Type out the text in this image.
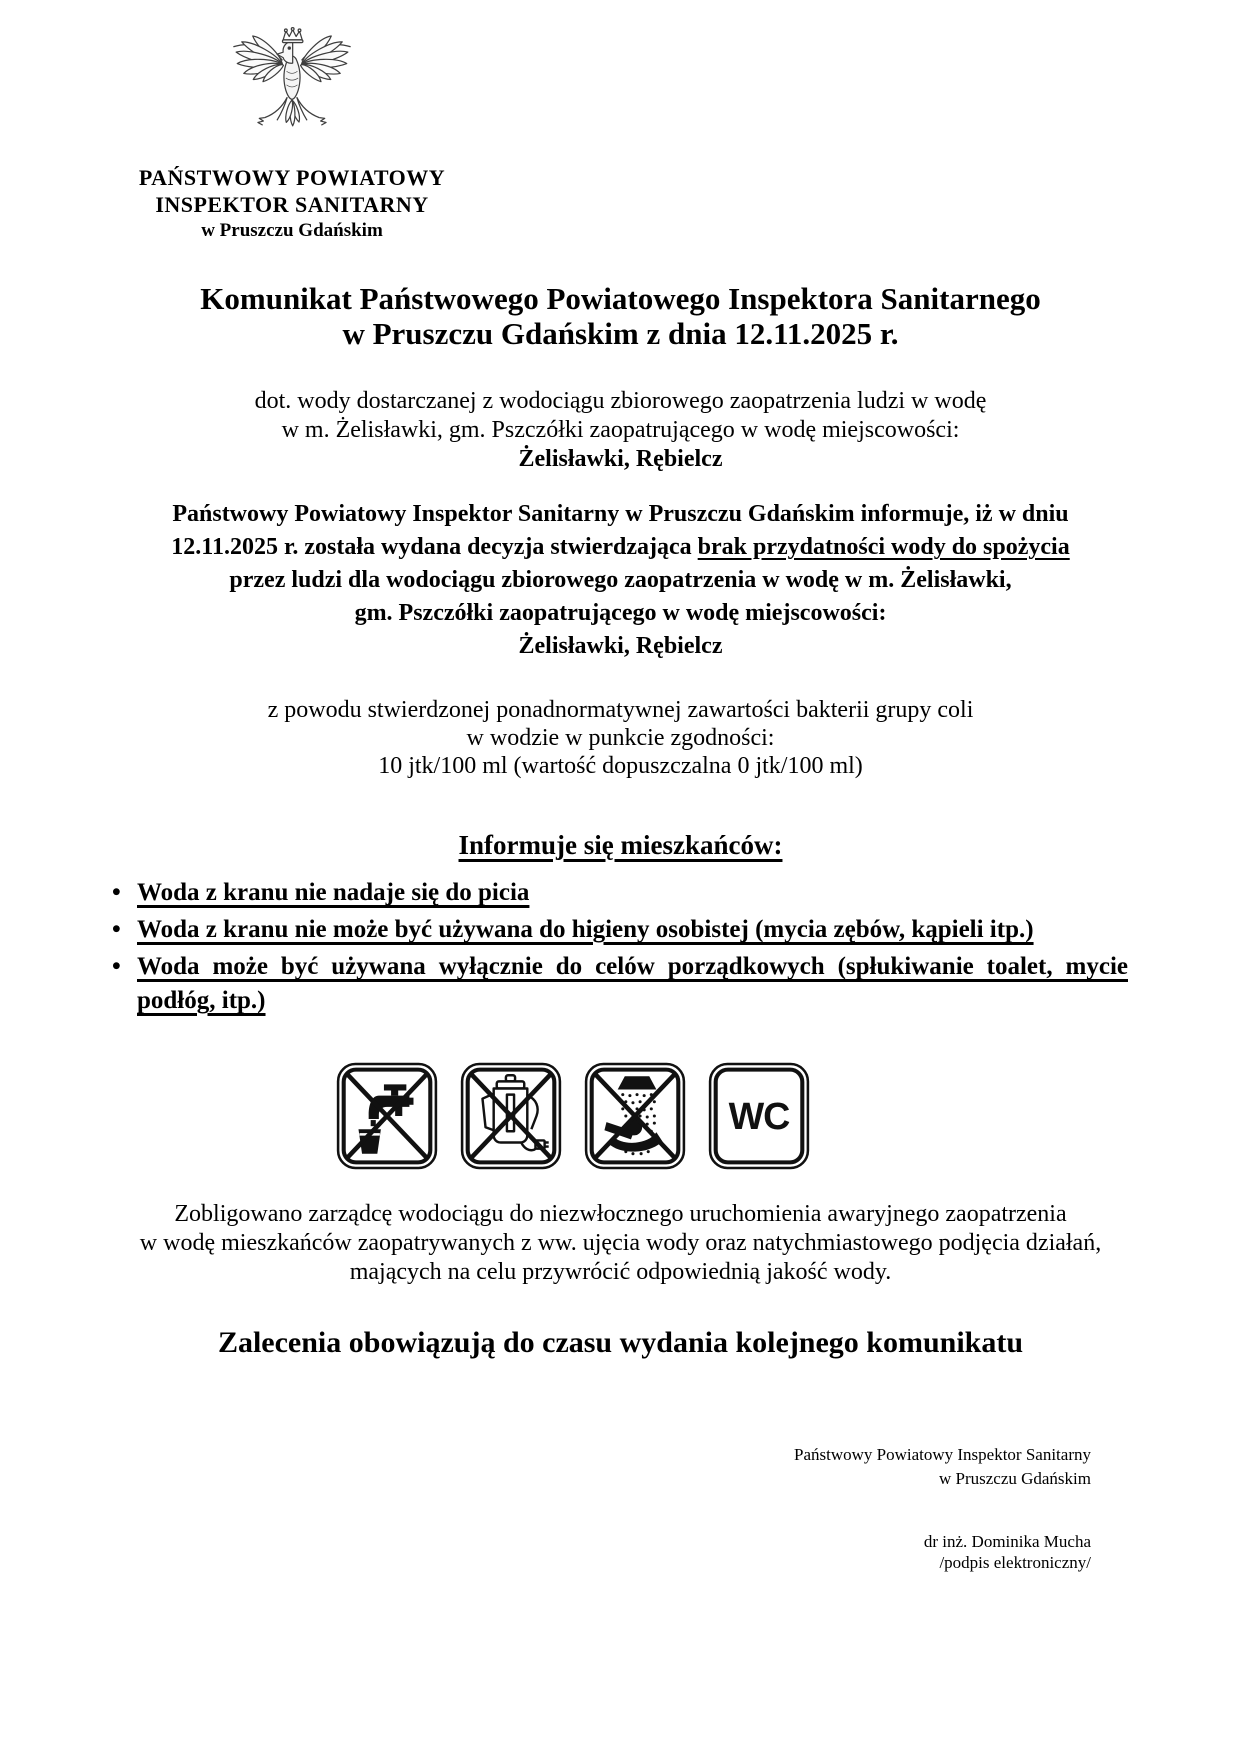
PAŃSTWOWY POWIATOWY
INSPEKTOR SANITARNY
w Pruszczu Gdańskim
Komunikat Państwowego Powiatowego Inspektora Sanitarnego
w Pruszczu Gdańskim z dnia 12.11.2025 r.
dot. wody dostarczanej z wodociągu zbiorowego zaopatrzenia ludzi w wodę
w m. Żelisławki, gm. Pszczółki zaopatrującego w wodę miejscowości:
Żelisławki, Rębielcz
Państwowy Powiatowy Inspektor Sanitarny w Pruszczu Gdańskim informuje, iż w dniu
12.11.2025 r. została wydana decyzja stwierdzająca brak przydatności wody do spożycia
przez ludzi dla wodociągu zbiorowego zaopatrzenia w wodę w m. Żelisławki,
gm. Pszczółki zaopatrującego w wodę miejscowości:
Żelisławki, Rębielcz
z powodu stwierdzonej ponadnormatywnej zawartości bakterii grupy coli
w wodzie w punkcie zgodności:
10 jtk/100 ml (wartość dopuszczalna 0 jtk/100 ml)
Informuje się mieszkańców:
• Woda z kranu nie nadaje się do picia
• Woda z kranu nie może być używana do higieny osobistej (mycia zębów, kąpieli itp.)
• Woda może być używana wyłącznie do celów porządkowych (spłukiwanie toalet, mycie podłóg, itp.)
WC
Zobligowano zarządcę wodociągu do niezwłocznego uruchomienia awaryjnego zaopatrzenia
w wodę mieszkańców zaopatrywanych z ww. ujęcia wody oraz natychmiastowego podjęcia działań,
mających na celu przywrócić odpowiednią jakość wody.
Zalecenia obowiązują do czasu wydania kolejnego komunikatu
Państwowy Powiatowy Inspektor Sanitarny
w Pruszczu Gdańskim
dr inż. Dominika Mucha
/podpis elektroniczny/
